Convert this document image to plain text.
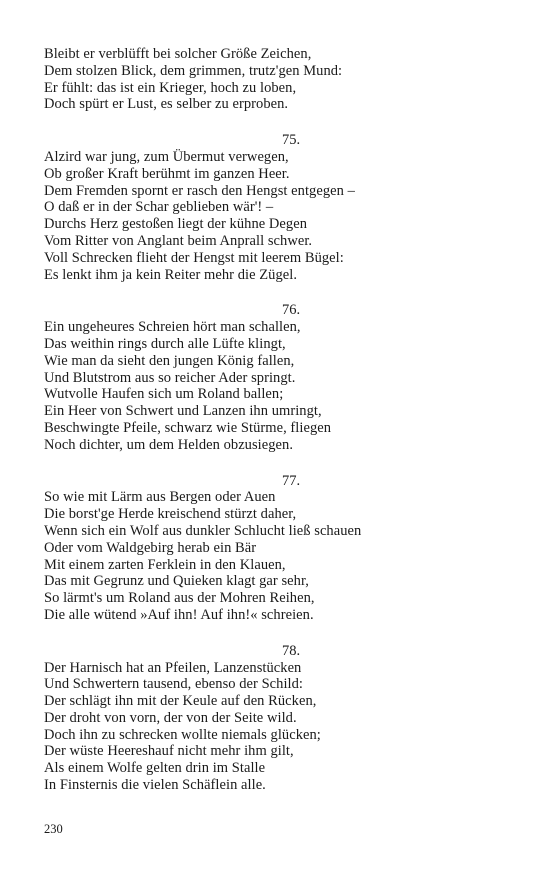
Bleibt er verblüfft bei solcher Größe Zeichen,
Dem stolzen Blick, dem grimmen, trutz'gen Mund:
Er fühlt: das ist ein Krieger, hoch zu loben,
Doch spürt er Lust, es selber zu erproben.
75.
Alzird war jung, zum Übermut verwegen,
Ob großer Kraft berühmt im ganzen Heer.
Dem Fremden spornt er rasch den Hengst entgegen –
O daß er in der Schar geblieben wär'! –
Durchs Herz gestoßen liegt der kühne Degen
Vom Ritter von Anglant beim Anprall schwer.
Voll Schrecken flieht der Hengst mit leerem Bügel:
Es lenkt ihm ja kein Reiter mehr die Zügel.
76.
Ein ungeheures Schreien hört man schallen,
Das weithin rings durch alle Lüfte klingt,
Wie man da sieht den jungen König fallen,
Und Blutstrom aus so reicher Ader springt.
Wutvolle Haufen sich um Roland ballen;
Ein Heer von Schwert und Lanzen ihn umringt,
Beschwingte Pfeile, schwarz wie Stürme, fliegen
Noch dichter, um dem Helden obzusiegen.
77.
So wie mit Lärm aus Bergen oder Auen
Die borst'ge Herde kreischend stürzt daher,
Wenn sich ein Wolf aus dunkler Schlucht ließ schauen
Oder vom Waldgebirg herab ein Bär
Mit einem zarten Ferklein in den Klauen,
Das mit Gegrunz und Quieken klagt gar sehr,
So lärmt's um Roland aus der Mohren Reihen,
Die alle wütend »Auf ihn! Auf ihn!« schreien.
78.
Der Harnisch hat an Pfeilen, Lanzenstücken
Und Schwertern tausend, ebenso der Schild:
Der schlägt ihn mit der Keule auf den Rücken,
Der droht von vorn, der von der Seite wild.
Doch ihn zu schrecken wollte niemals glücken;
Der wüste Heereshauf nicht mehr ihm gilt,
Als einem Wolfe gelten drin im Stalle
In Finsternis die vielen Schäflein alle.
230
